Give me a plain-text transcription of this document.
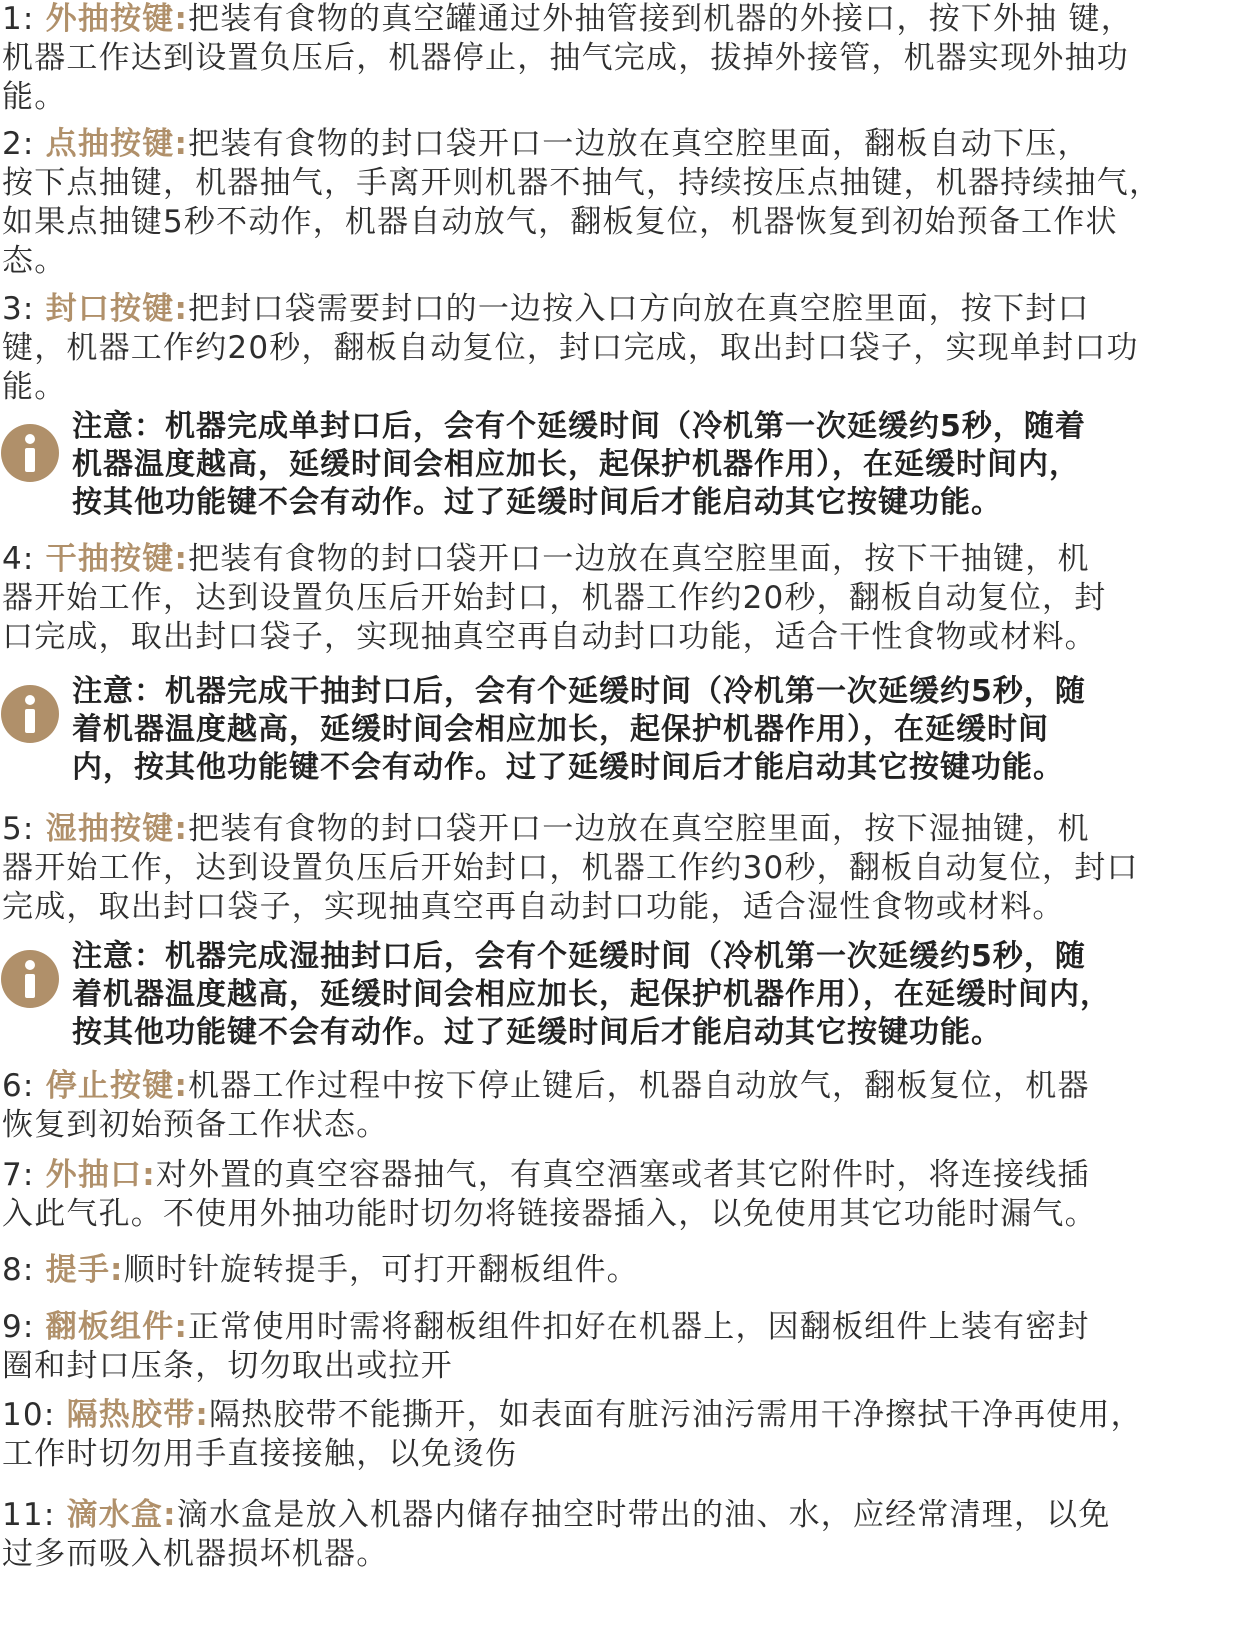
1: 外抽按键:把装有食物的真空罐通过外抽管接到机器的外接口，按下外抽 键，
机器工作达到设置负压后，机器停止，抽气完成，拔掉外接管，机器实现外抽功
能。
2: 点抽按键:把装有食物的封口袋开口一边放在真空腔里面，翻板自动下压，
按下点抽键，机器抽气，手离开则机器不抽气，持续按压点抽键，机器持续抽气，
如果点抽键5秒不动作，机器自动放气，翻板复位，机器恢复到初始预备工作状
态。
3: 封口按键:把封口袋需要封口的一边按入口方向放在真空腔里面，按下封口
键，机器工作约20秒，翻板自动复位，封口完成，取出封口袋子，实现单封口功
能。
注意：机器完成单封口后，会有个延缓时间（冷机第一次延缓约5秒，随着
机器温度越高，延缓时间会相应加长，起保护机器作用），在延缓时间内，
按其他功能键不会有动作。过了延缓时间后才能启动其它按键功能。
4: 干抽按键:把装有食物的封口袋开口一边放在真空腔里面，按下干抽键，机
器开始工作，达到设置负压后开始封口，机器工作约20秒，翻板自动复位，封
口完成，取出封口袋子，实现抽真空再自动封口功能，适合干性食物或材料。
注意：机器完成干抽封口后，会有个延缓时间（冷机第一次延缓约5秒，随
着机器温度越高，延缓时间会相应加长，起保护机器作用），在延缓时间
内，按其他功能键不会有动作。过了延缓时间后才能启动其它按键功能。
5: 湿抽按键:把装有食物的封口袋开口一边放在真空腔里面，按下湿抽键，机
器开始工作，达到设置负压后开始封口，机器工作约30秒，翻板自动复位，封口
完成，取出封口袋子，实现抽真空再自动封口功能，适合湿性食物或材料。
注意：机器完成湿抽封口后，会有个延缓时间（冷机第一次延缓约5秒，随
着机器温度越高，延缓时间会相应加长，起保护机器作用），在延缓时间内，
按其他功能键不会有动作。过了延缓时间后才能启动其它按键功能。
6: 停止按键:机器工作过程中按下停止键后，机器自动放气，翻板复位，机器
恢复到初始预备工作状态。
7: 外抽口:对外置的真空容器抽气，有真空酒塞或者其它附件时，将连接线插
入此气孔。不使用外抽功能时切勿将链接器插入，以免使用其它功能时漏气。
8: 提手:顺时针旋转提手，可打开翻板组件。
9: 翻板组件:正常使用时需将翻板组件扣好在机器上，因翻板组件上装有密封
圈和封口压条，切勿取出或拉开
10: 隔热胶带:隔热胶带不能撕开，如表面有脏污油污需用干净擦拭干净再使用，
工作时切勿用手直接接触，以免烫伤
11: 滴水盒:滴水盒是放入机器内储存抽空时带出的油、水，应经常清理，以免
过多而吸入机器损坏机器。
